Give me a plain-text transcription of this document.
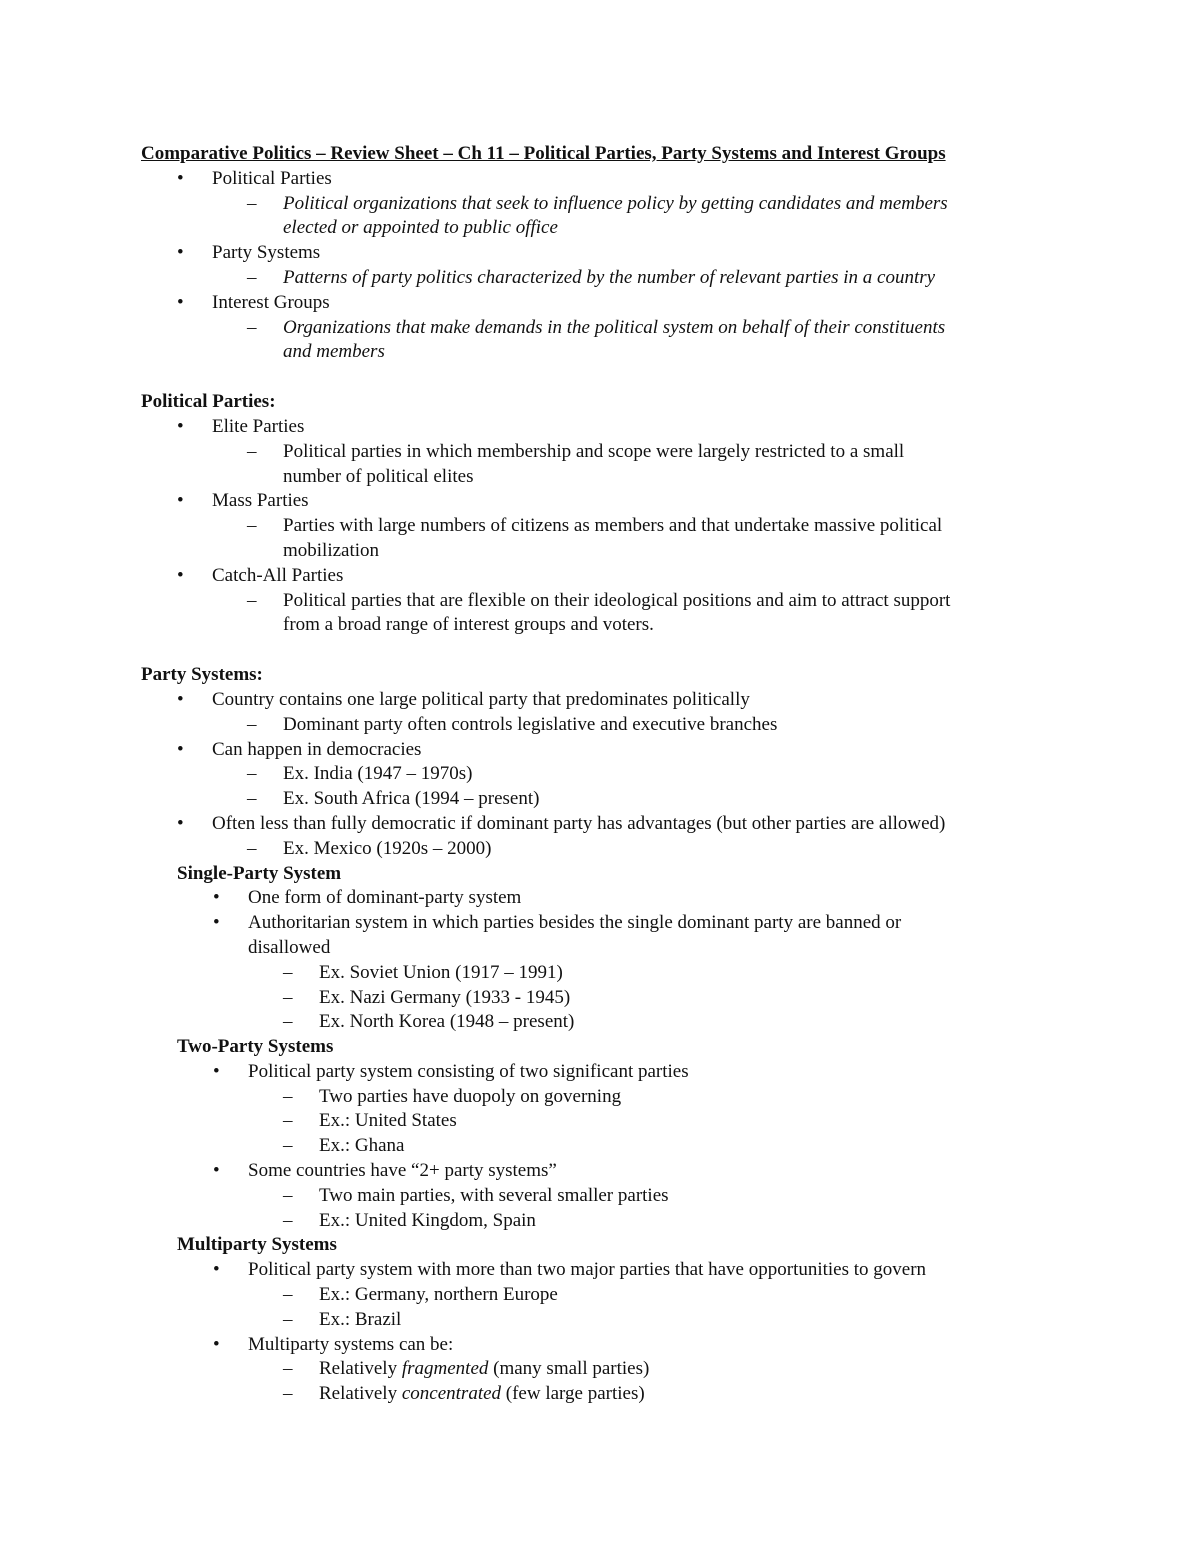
Comparative Politics – Review Sheet – Ch 11 – Political Parties, Party Systems and Interest Groups
• Political Parties
– Political organizations that seek to influence policy by getting candidates and members
elected or appointed to public office
• Party Systems
– Patterns of party politics characterized by the number of relevant parties in a country
• Interest Groups
– Organizations that make demands in the political system on behalf of their constituents
and members
Political Parties:
• Elite Parties
– Political parties in which membership and scope were largely restricted to a small
number of political elites
• Mass Parties
– Parties with large numbers of citizens as members and that undertake massive political
mobilization
• Catch-All Parties
– Political parties that are flexible on their ideological positions and aim to attract support
from a broad range of interest groups and voters.
Party Systems:
• Country contains one large political party that predominates politically
– Dominant party often controls legislative and executive branches
• Can happen in democracies
– Ex. India (1947 – 1970s)
– Ex. South Africa (1994 – present)
• Often less than fully democratic if dominant party has advantages (but other parties are allowed)
– Ex. Mexico (1920s – 2000)
Single-Party System
• One form of dominant-party system
• Authoritarian system in which parties besides the single dominant party are banned or
disallowed
– Ex. Soviet Union (1917 – 1991)
– Ex. Nazi Germany (1933 - 1945)
– Ex. North Korea (1948 – present)
Two-Party Systems
• Political party system consisting of two significant parties
– Two parties have duopoly on governing
– Ex.: United States
– Ex.: Ghana
• Some countries have “2+ party systems”
– Two main parties, with several smaller parties
– Ex.: United Kingdom, Spain
Multiparty Systems
• Political party system with more than two major parties that have opportunities to govern
– Ex.: Germany, northern Europe
– Ex.: Brazil
• Multiparty systems can be:
– Relatively fragmented (many small parties)
– Relatively concentrated (few large parties)
